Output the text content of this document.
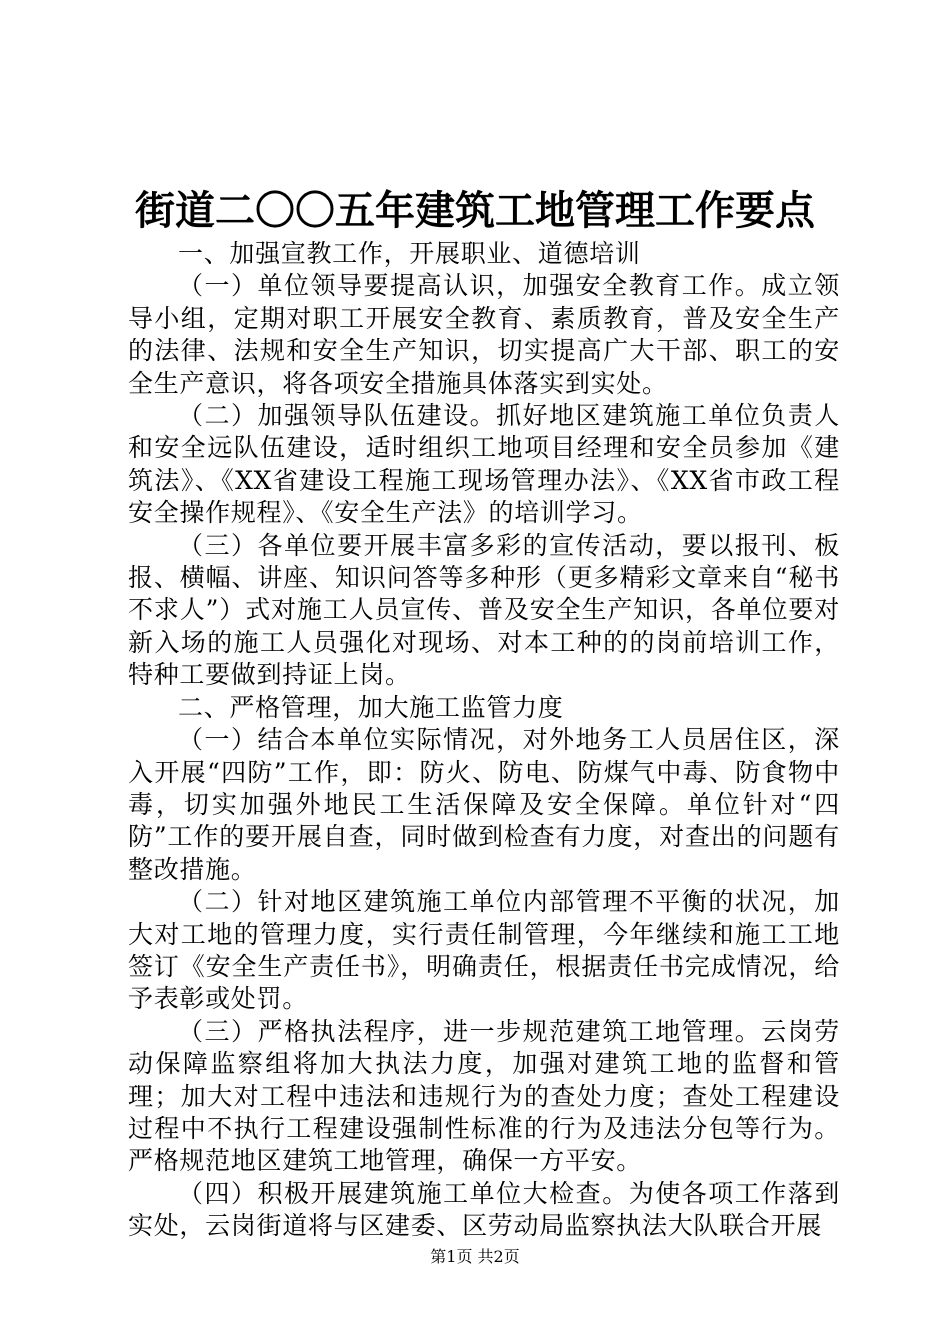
街道二〇〇五年建筑工地管理工作要点

一、加强宣教工作，开展职业、道德培训

（一）单位领导要提高认识，加强安全教育工作。成立领导小组，定期对职工开展安全教育、素质教育，普及安全生产的法律、法规和安全生产知识，切实提高广大干部、职工的安全生产意识，将各项安全措施具体落实到实处。

（二）加强领导队伍建设。抓好地区建筑施工单位负责人和安全远队伍建设，适时组织工地项目经理和安全员参加《建筑法》、《XX省建设工程施工现场管理办法》、《XX省市政工程安全操作规程》、《安全生产法》的培训学习。

（三）各单位要开展丰富多彩的宣传活动，要以报刊、板报、横幅、讲座、知识问答等多种形（更多精彩文章来自“秘书不求人”）式对施工人员宣传、普及安全生产知识，各单位要对新入场的施工人员强化对现场、对本工种的的岗前培训工作，特种工要做到持证上岗。

二、严格管理，加大施工监管力度

（一）结合本单位实际情况，对外地务工人员居住区，深入开展“四防”工作，即：防火、防电、防煤气中毒、防食物中毒，切实加强外地民工生活保障及安全保障。单位针对“四防”工作的要开展自查，同时做到检查有力度，对查出的问题有整改措施。

（二）针对地区建筑施工单位内部管理不平衡的状况，加大对工地的管理力度，实行责任制管理，今年继续和施工工地签订《安全生产责任书》，明确责任，根据责任书完成情况，给予表彰或处罚。

（三）严格执法程序，进一步规范建筑工地管理。云岗劳动保障监察组将加大执法力度，加强对建筑工地的监督和管理；加大对工程中违法和违规行为的查处力度；查处工程建设过程中不执行工程建设强制性标准的行为及违法分包等行为。严格规范地区建筑工地管理，确保一方平安。

（四）积极开展建筑施工单位大检查。为使各项工作落到实处，云岗街道将与区建委、区劳动局监察执法大队联合开展

第1页 共2页
